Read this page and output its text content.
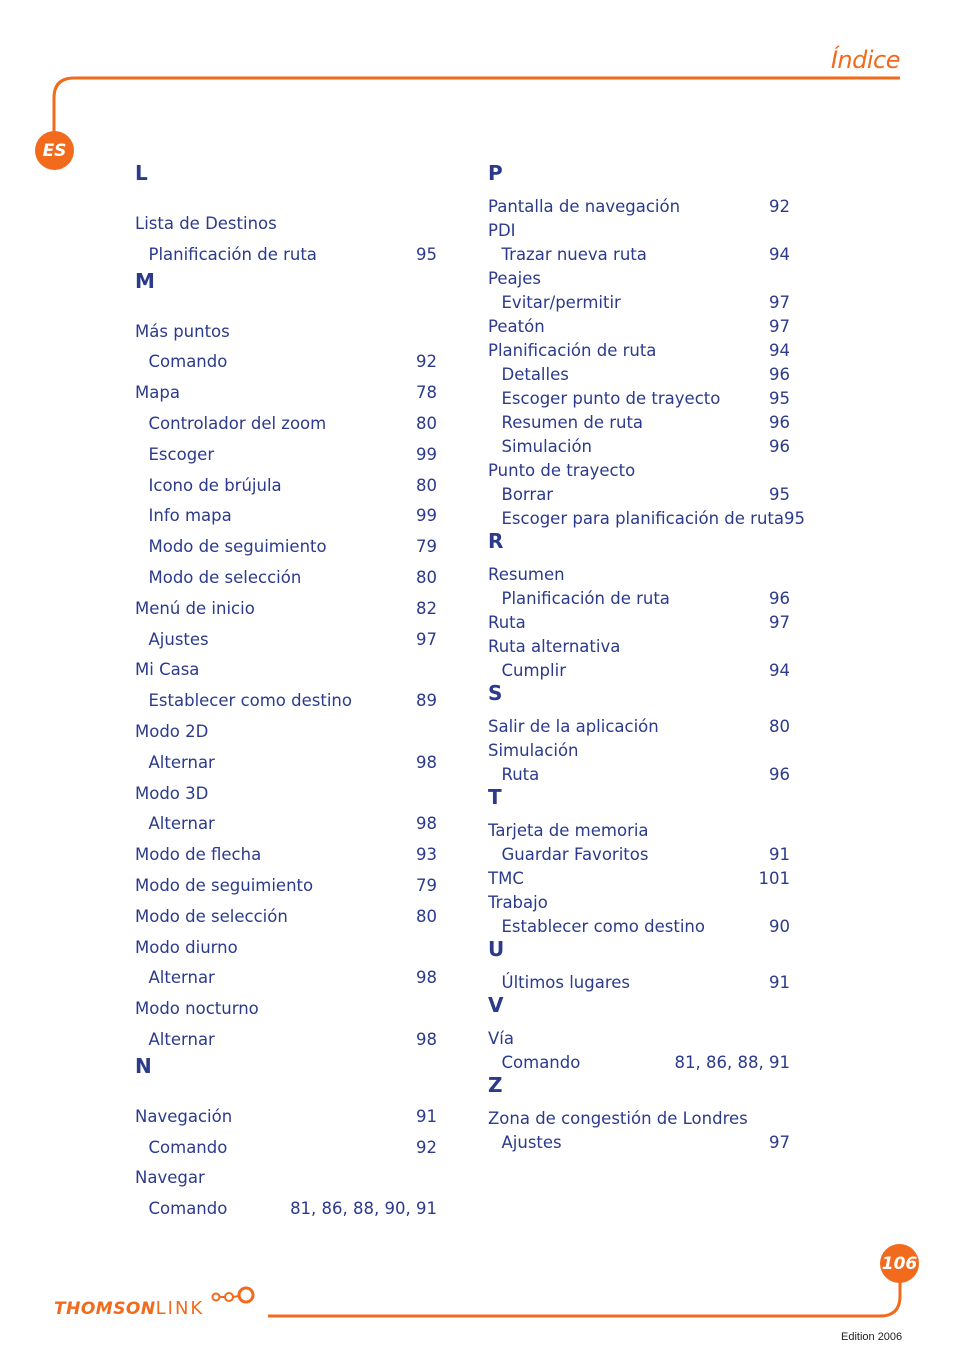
Índice
ES
106
L
Lista de Destinos
Planificación de ruta	95
M
Más puntos
Comando	92
Mapa	78
Controlador del zoom	80
Escoger	99
Icono de brújula	80
Info mapa	99
Modo de seguimiento	79
Modo de selección	80
Menú de inicio	82
Ajustes	97
Mi Casa
Establecer como destino	89
Modo 2D
Alternar	98
Modo 3D
Alternar	98
Modo de flecha	93
Modo de seguimiento	79
Modo de selección	80
Modo diurno
Alternar	98
Modo nocturno
Alternar	98
N
Navegación	91
Comando	92
Navegar
Comando	81, 86, 88, 90, 91
P
Pantalla de navegación	92
PDI
Trazar nueva ruta	94
Peajes
Evitar/permitir	97
Peatón	97
Planificación de ruta	94
Detalles	96
Escoger punto de trayecto	95
Resumen de ruta	96
Simulación	96
Punto de trayecto
Borrar	95
Escoger para planificación de ruta 95
R
Resumen
Planificación de ruta	96
Ruta	97
Ruta alternativa
Cumplir	94
S
Salir de la aplicación	80
Simulación
Ruta	96
T
Tarjeta de memoria
Guardar Favoritos	91
TMC	101
Trabajo
Establecer como destino	90
U
Últimos lugares	91
V
Vía
Comando	81, 86, 88, 91
Z
Zona de congestión de Londres
Ajustes	97
THOMSONLINK
Edition 2006
